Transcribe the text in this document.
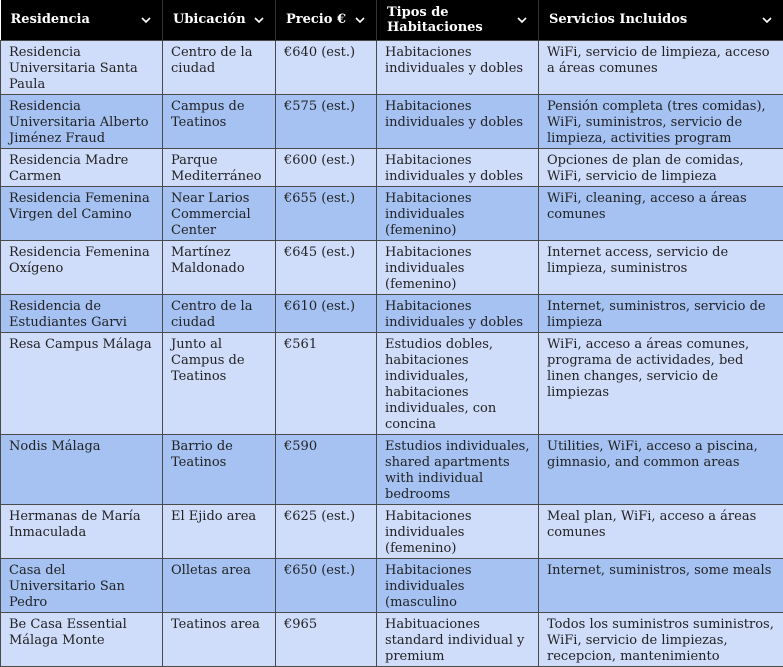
Residencia	Ubicación	Precio €	Tipos de Habitaciones	Servicios Incluidos

Residencia Universitaria Santa Paula	Centro de la ciudad	€640 (est.)	Habitaciones individuales y dobles	WiFi, servicio de limpieza, acceso a áreas comunes
Residencia Universitaria Alberto Jiménez Fraud	Campus de Teatinos	€575 (est.)	Habitaciones individuales y dobles	Pensión completa (tres comidas), WiFi, suministros, servicio de limpieza, activities program
Residencia Madre Carmen	Parque Mediterráneo	€600 (est.)	Habitaciones individuales y dobles	Opciones de plan de comidas, WiFi, servicio de limpieza
Residencia Femenina Virgen del Camino	Near Larios Commercial Center	€655 (est.)	Habitaciones individuales (femenino)	WiFi, cleaning, acceso a áreas comunes
Residencia Femenina Oxígeno	Martínez Maldonado	€645 (est.)	Habitaciones individuales (femenino)	Internet access, servicio de limpieza, suministros
Residencia de Estudiantes Garvi	Centro de la ciudad	€610 (est.)	Habitaciones individuales y dobles	Internet, suministros, servicio de limpieza
Resa Campus Málaga	Junto al Campus de Teatinos	€561	Estudios dobles, habitaciones individuales, habitaciones individuales, con concina	WiFi, acceso a áreas comunes, programa de actividades, bed linen changes, servicio de limpiezas
Nodis Málaga	Barrio de Teatinos	€590	Estudios individuales, shared apartments with individual bedrooms	Utilities, WiFi, acceso a piscina, gimnasio, and common areas
Hermanas de María Inmaculada	El Ejido area	€625 (est.)	Habitaciones individuales (femenino)	Meal plan, WiFi, acceso a áreas comunes
Casa del Universitario San Pedro	Olletas area	€650 (est.)	Habitaciones individuales (masculino	Internet, suministros, some meals
Be Casa Essential Málaga Monte	Teatinos area	€965	Habituaciones standard individual y premium	Todos los suministros suministros, WiFi, servicio de limpiezas, recepcion, mantenimiento
